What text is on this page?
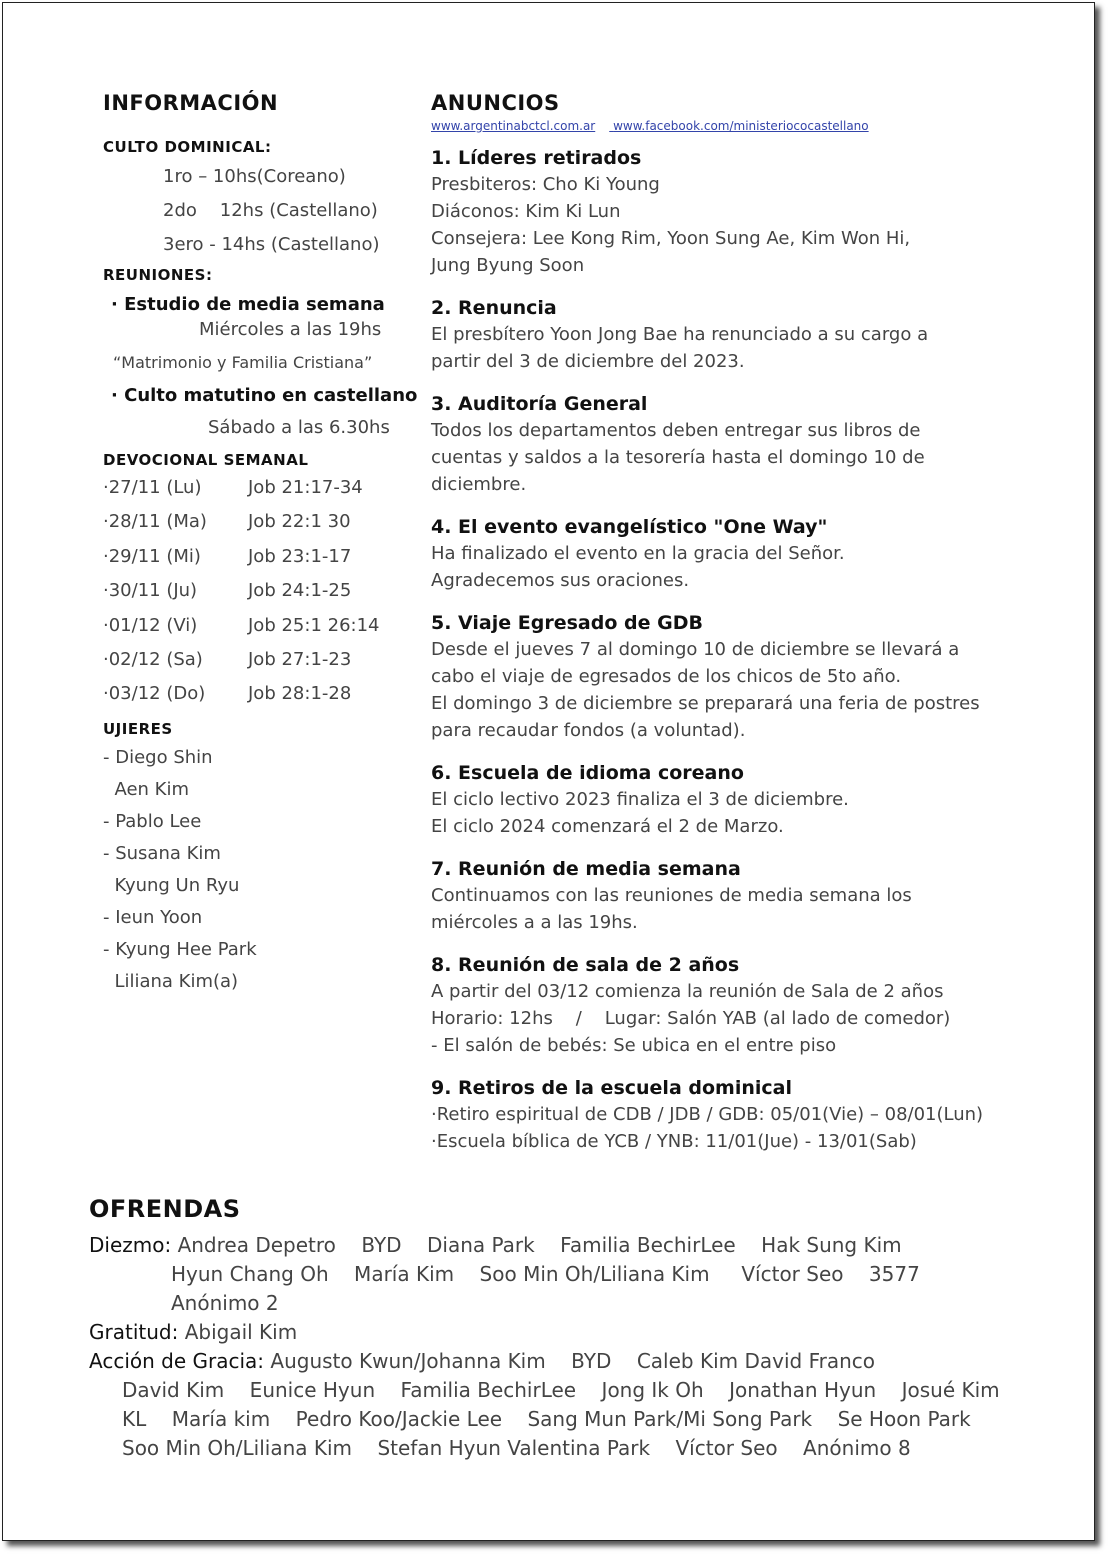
INFORMACIÓN
CULTO DOMINICAL:
1ro – 10hs(Coreano)
2do    12hs (Castellano)
3ero - 14hs (Castellano)
REUNIONES:
· Estudio de media semana
Miércoles a las 19hs
“Matrimonio y Familia Cristiana”
· Culto matutino en castellano
Sábado a las 6.30hs
DEVOCIONAL SEMANAL
·27/11 (Lu)	Job 21:17-34
·28/11 (Ma)	Job 22:1 30
·29/11 (Mi)	Job 23:1-17
·30/11 (Ju)	Job 24:1-25
·01/12 (Vi)	Job 25:1 26:14
·02/12 (Sa)	Job 27:1-23
·03/12 (Do)	Job 28:1-28
UJIERES
- Diego Shin
Aen Kim
- Pablo Lee
- Susana Kim
Kyung Un Ryu
- Ieun Yoon
- Kyung Hee Park
Liliana Kim(a)
ANUNCIOS
www.argentinabctcl.com.ar www.facebook.com/ministeriococastellano
1. Líderes retirados
Presbiteros: Cho Ki Young
Diáconos: Kim Ki Lun
Consejera: Lee Kong Rim, Yoon Sung Ae, Kim Won Hi,
Jung Byung Soon
2. Renuncia
El presbítero Yoon Jong Bae ha renunciado a su cargo a
partir del 3 de diciembre del 2023.
3. Auditoría General
Todos los departamentos deben entregar sus libros de
cuentas y saldos a la tesorería hasta el domingo 10 de
diciembre.
4. El evento evangelístico "One Way"
Ha finalizado el evento en la gracia del Señor.
Agradecemos sus oraciones.
5. Viaje Egresado de GDB
Desde el jueves 7 al domingo 10 de diciembre se llevará a
cabo el viaje de egresados de los chicos de 5to año.
El domingo 3 de diciembre se preparará una feria de postres
para recaudar fondos (a voluntad).
6. Escuela de idioma coreano
El ciclo lectivo 2023 finaliza el 3 de diciembre.
El ciclo 2024 comenzará el 2 de Marzo.
7. Reunión de media semana
Continuamos con las reuniones de media semana los
miércoles a a las 19hs.
8. Reunión de sala de 2 años
A partir del 03/12 comienza la reunión de Sala de 2 años
Horario: 12hs    /    Lugar: Salón YAB (al lado de comedor)
- El salón de bebés: Se ubica en el entre piso
9. Retiros de la escuela dominical
·Retiro espiritual de CDB / JDB / GDB: 05/01(Vie) – 08/01(Lun)
·Escuela bíblica de YCB / YNB: 11/01(Jue) - 13/01(Sab)
OFRENDAS
Diezmo: Andrea Depetro    BYD    Diana Park    Familia BechirLee    Hak Sung Kim
Hyun Chang Oh    María Kim    Soo Min Oh/Liliana Kim     Víctor Seo    3577
Anónimo 2
Gratitud: Abigail Kim
Acción de Gracia: Augusto Kwun/Johanna Kim    BYD    Caleb Kim David Franco
David Kim    Eunice Hyun    Familia BechirLee    Jong Ik Oh    Jonathan Hyun    Josué Kim
KL    María kim    Pedro Koo/Jackie Lee    Sang Mun Park/Mi Song Park    Se Hoon Park
Soo Min Oh/Liliana Kim    Stefan Hyun Valentina Park    Víctor Seo    Anónimo 8
